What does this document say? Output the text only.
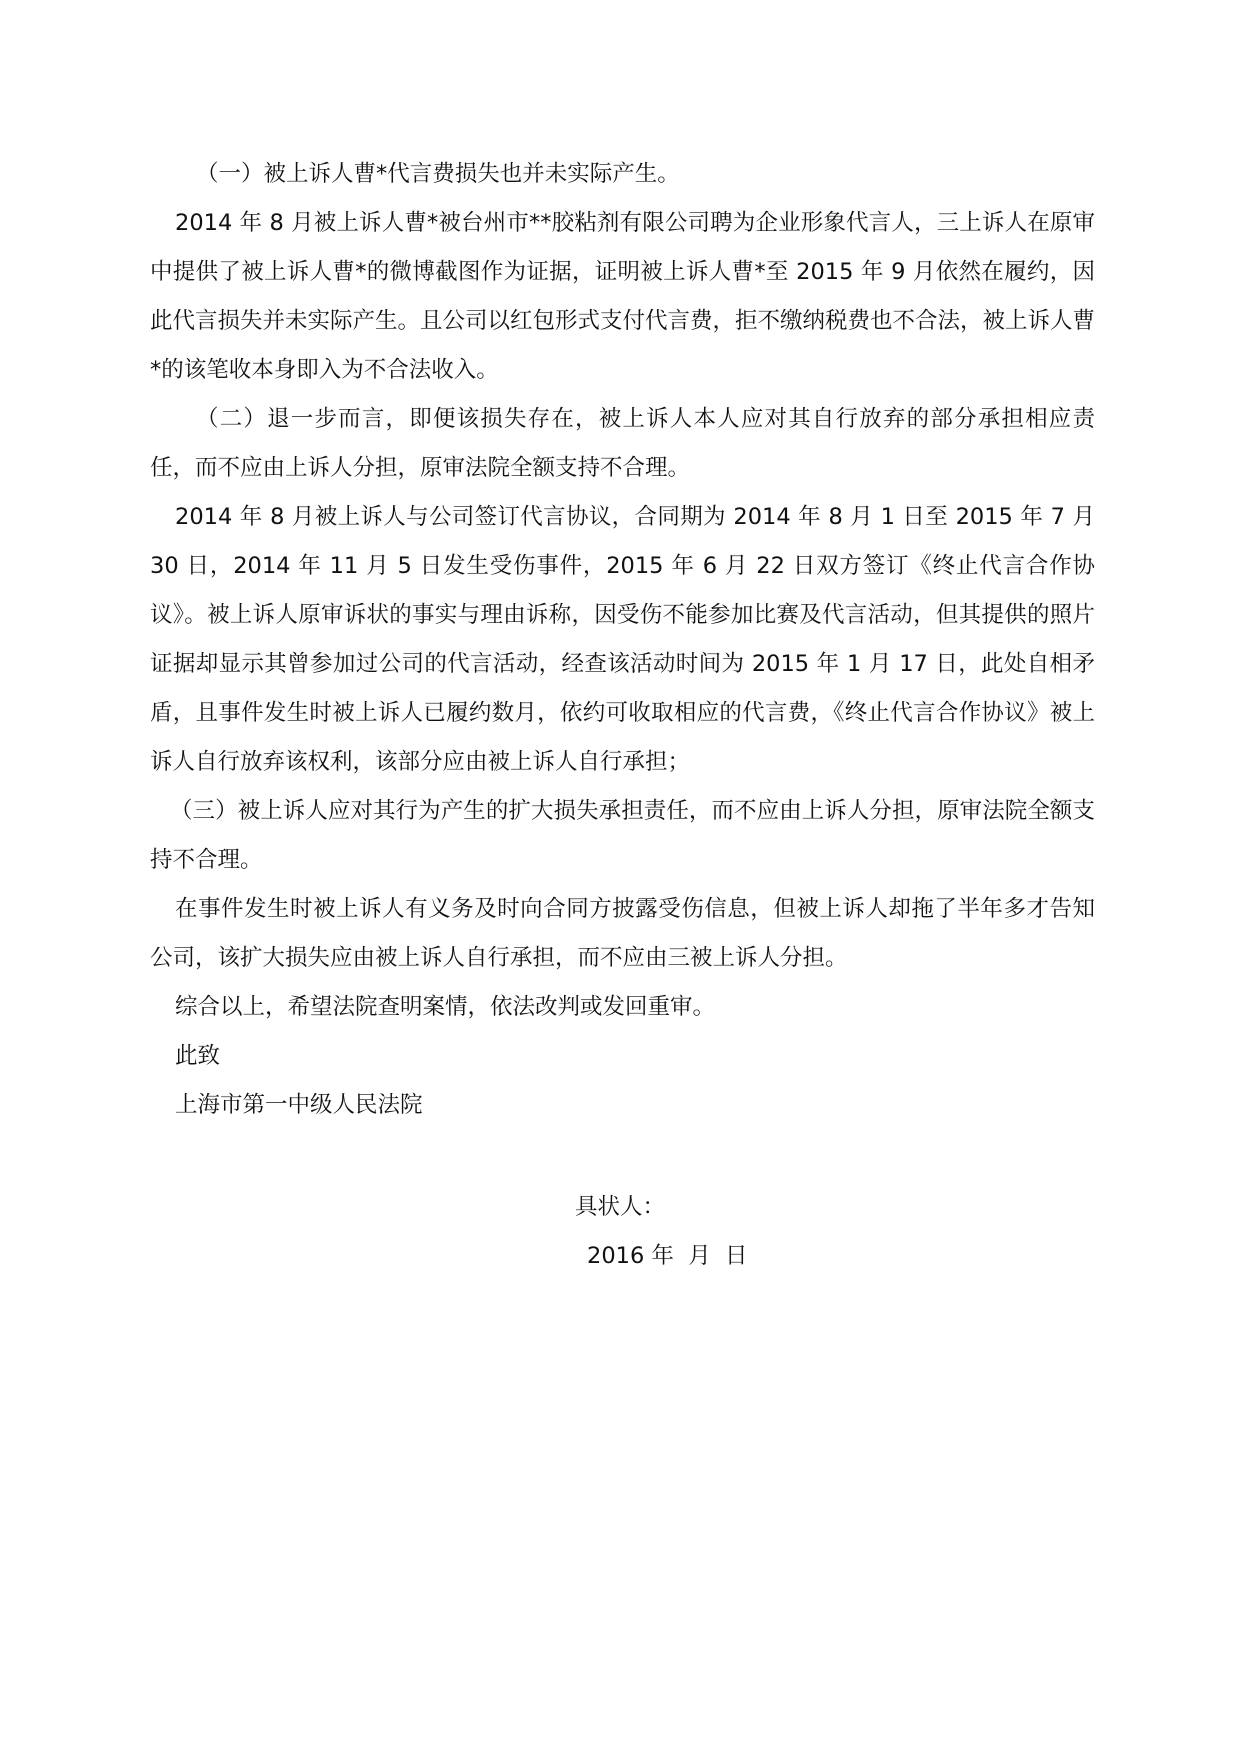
（一）被上诉人曹*代言费损失也并未实际产生。

2014 年 8 月被上诉人曹*被台州市**胶粘剂有限公司聘为企业形象代言人，三上诉人在原审中提供了被上诉人曹*的微博截图作为证据，证明被上诉人曹*至 2015 年 9 月依然在履约，因此代言损失并未实际产生。且公司以红包形式支付代言费，拒不缴纳税费也不合法，被上诉人曹*的该笔收本身即入为不合法收入。

（二）退一步而言，即便该损失存在，被上诉人本人应对其自行放弃的部分承担相应责任，而不应由上诉人分担，原审法院全额支持不合理。

2014 年 8 月被上诉人与公司签订代言协议，合同期为 2014 年 8 月 1 日至 2015 年 7 月 30 日，2014 年 11 月 5 日发生受伤事件，2015 年 6 月 22 日双方签订《终止代言合作协议》。被上诉人原审诉状的事实与理由诉称，因受伤不能参加比赛及代言活动，但其提供的照片证据却显示其曾参加过公司的代言活动，经查该活动时间为 2015 年 1 月 17 日，此处自相矛盾，且事件发生时被上诉人已履约数月，依约可收取相应的代言费，《终止代言合作协议》被上诉人自行放弃该权利，该部分应由被上诉人自行承担；

（三）被上诉人应对其行为产生的扩大损失承担责任，而不应由上诉人分担，原审法院全额支持不合理。

在事件发生时被上诉人有义务及时向合同方披露受伤信息，但被上诉人却拖了半年多才告知公司，该扩大损失应由被上诉人自行承担，而不应由三被上诉人分担。

综合以上，希望法院查明案情，依法改判或发回重审。

此致

上海市第一中级人民法院

具状人：
2016 年  月  日
